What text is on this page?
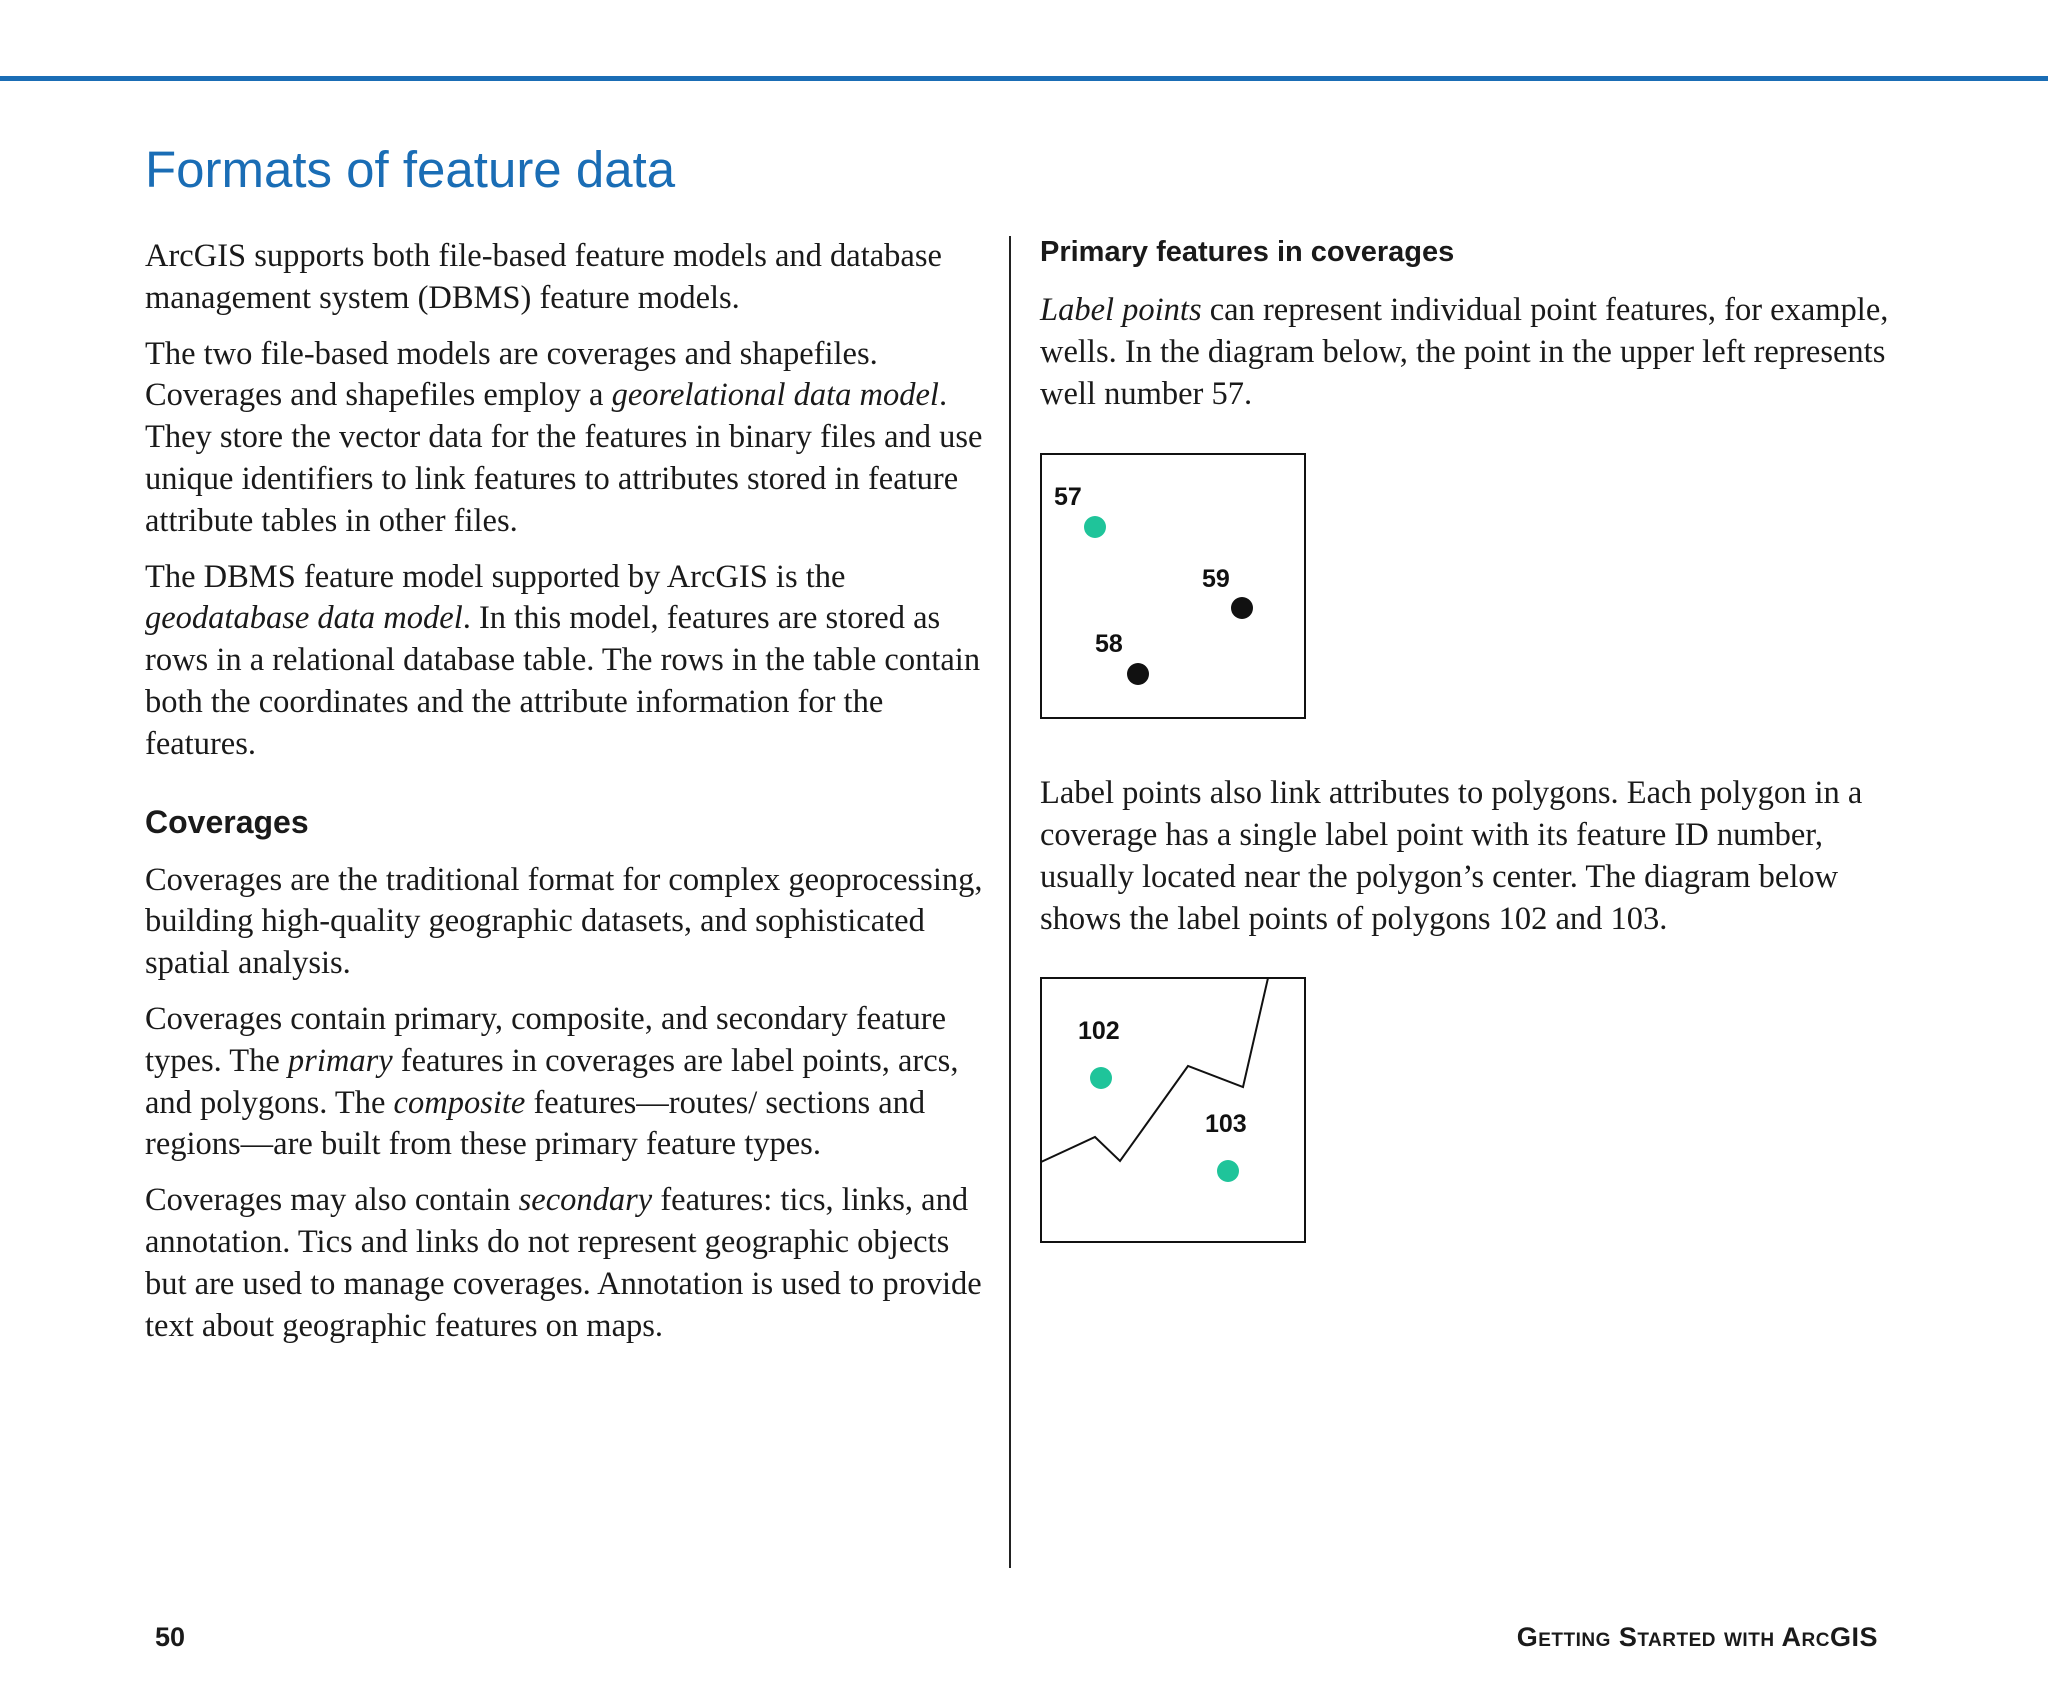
Formats of feature data

ArcGIS supports both file-based feature models and database management system (DBMS) feature models.

The two file-based models are coverages and shapefiles. Coverages and shapefiles employ a georelational data model. They store the vector data for the features in binary files and use unique identifiers to link features to attributes stored in feature attribute tables in other files.

The DBMS feature model supported by ArcGIS is the geodatabase data model. In this model, features are stored as rows in a relational database table. The rows in the table contain both the coordinates and the attribute information for the features.

Coverages

Coverages are the traditional format for complex geoprocessing, building high-quality geographic datasets, and sophisticated spatial analysis.

Coverages contain primary, composite, and secondary feature types. The primary features in coverages are label points, arcs, and polygons. The composite features—routes/ sections and regions—are built from these primary feature types.

Coverages may also contain secondary features: tics, links, and annotation. Tics and links do not represent geographic objects but are used to manage coverages. Annotation is used to provide text about geographic features on maps.

Primary features in coverages

Label points can represent individual point features, for example, wells. In the diagram below, the point in the upper left represents well number 57.

57
59
58

Label points also link attributes to polygons. Each polygon in a coverage has a single label point with its feature ID number, usually located near the polygon’s center. The diagram below shows the label points of polygons 102 and 103.

102
103
50	Getting Started with ArcGIS
